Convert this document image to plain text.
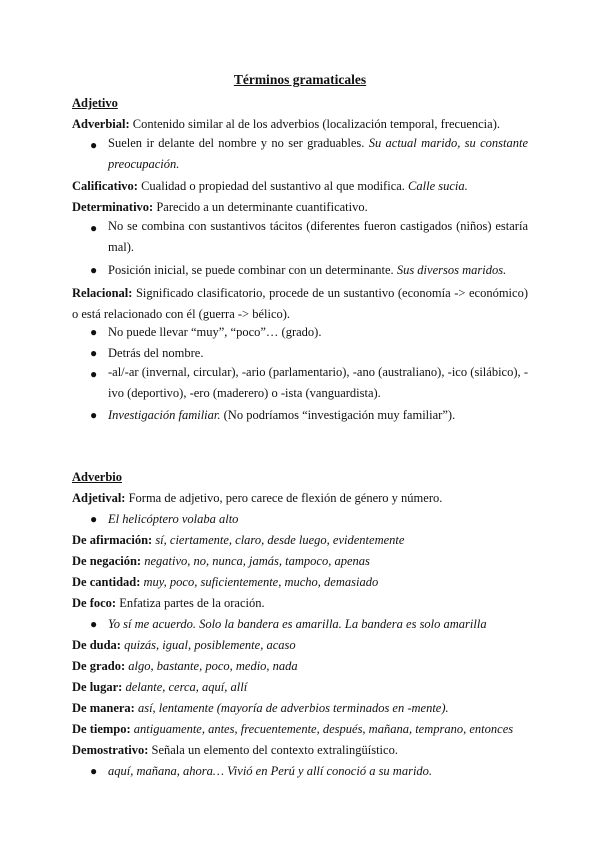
Términos gramaticales
Adjetivo
Adverbial: Contenido similar al de los adverbios (localización temporal, frecuencia).
● Suelen ir delante del nombre y no ser graduables. Su actual marido, su constante preocupación.
Calificativo: Cualidad o propiedad del sustantivo al que modifica. Calle sucia.
Determinativo: Parecido a un determinante cuantificativo.
● No se combina con sustantivos tácitos (diferentes fueron castigados (niños) estaría mal).
● Posición inicial, se puede combinar con un determinante. Sus diversos maridos.
Relacional: Significado clasificatorio, procede de un sustantivo (economía -> económico) o está relacionado con él (guerra -> bélico).
● No puede llevar “muy”, “poco”… (grado).
● Detrás del nombre.
● -al/-ar (invernal, circular), -ario (parlamentario), -ano (australiano), -ico (silábico), -ivo (deportivo), -ero (maderero) o -ista (vanguardista).
● Investigación familiar. (No podríamos “investigación muy familiar”).
Adverbio
Adjetival: Forma de adjetivo, pero carece de flexión de género y número.
● El helicóptero volaba alto
De afirmación: sí, ciertamente, claro, desde luego, evidentemente
De negación: negativo, no, nunca, jamás, tampoco, apenas
De cantidad: muy, poco, suficientemente, mucho, demasiado
De foco: Enfatiza partes de la oración.
● Yo sí me acuerdo. Solo la bandera es amarilla. La bandera es solo amarilla
De duda: quizás, igual, posiblemente, acaso
De grado: algo, bastante, poco, medio, nada
De lugar: delante, cerca, aquí, allí
De manera: así, lentamente (mayoría de adverbios terminados en -mente).
De tiempo: antiguamente, antes, frecuentemente, después, mañana, temprano, entonces
Demostrativo: Señala un elemento del contexto extralingüístico.
● aquí, mañana, ahora… Vivió en Perú y allí conoció a su marido.
